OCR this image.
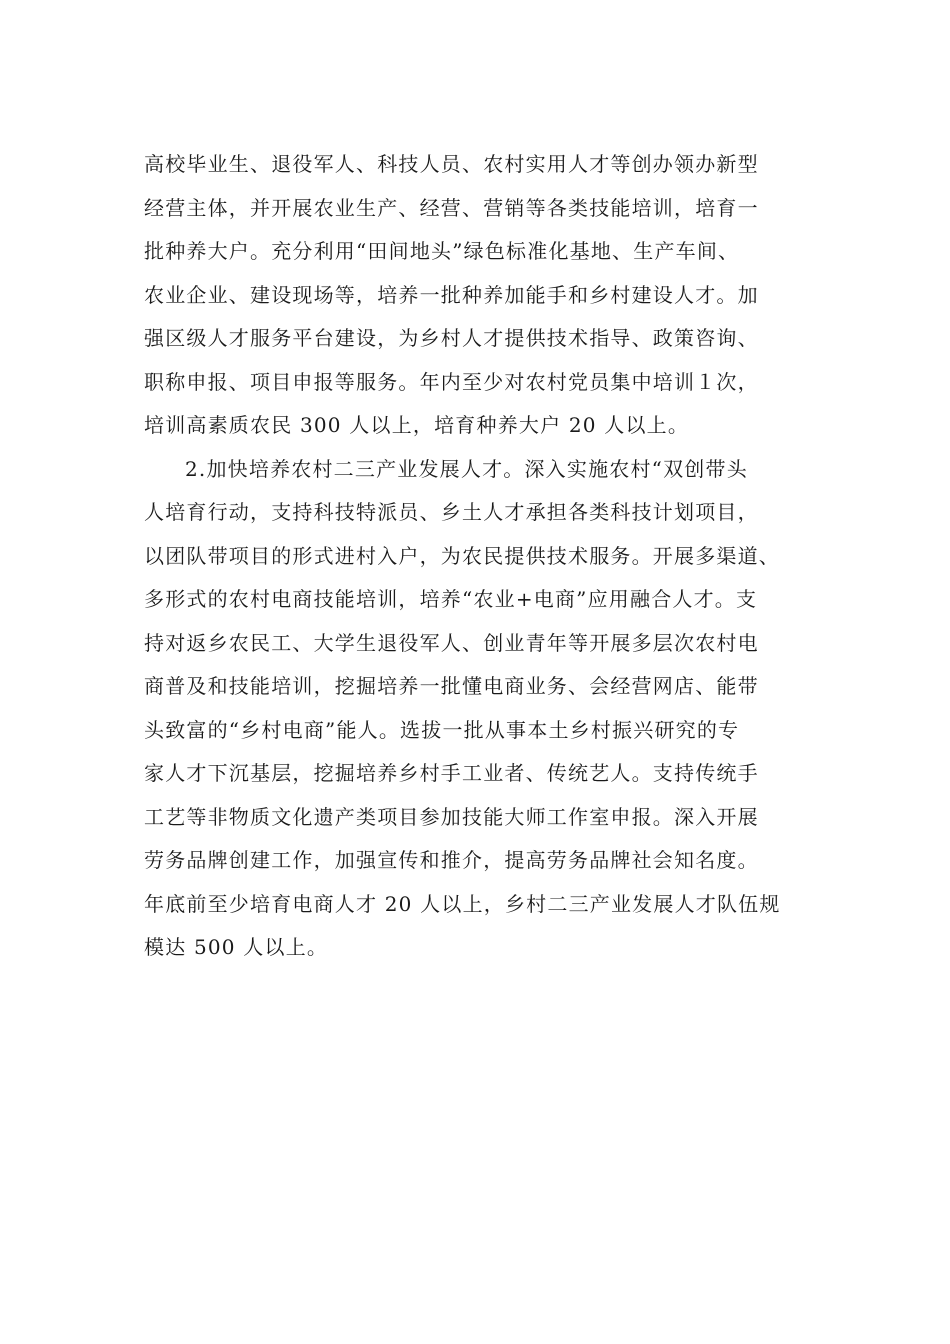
高校毕业生、退役军人、科技人员、农村实用人才等创办领办新型
经营主体，并开展农业生产、经营、营销等各类技能培训，培育一
批种养大户。充分利用“田间地头”绿色标准化基地、生产车间、
农业企业、建设现场等，培养一批种养加能手和乡村建设人才。加
强区级人才服务平台建设，为乡村人才提供技术指导、政策咨询、
职称申报、项目申报等服务。年内至少对农村党员集中培训１次，
培训高素质农民 300 人以上，培育种养大户 20 人以上。
2.加快培养农村二三产业发展人才。深入实施农村“双创带头
人培育行动，支持科技特派员、乡土人才承担各类科技计划项目，
以团队带项目的形式进村入户，为农民提供技术服务。开展多渠道、
多形式的农村电商技能培训，培养“农业+电商”应用融合人才。支
持对返乡农民工、大学生退役军人、创业青年等开展多层次农村电
商普及和技能培训，挖掘培养一批懂电商业务、会经营网店、能带
头致富的“乡村电商”能人。选拔一批从事本土乡村振兴研究的专
家人才下沉基层，挖掘培养乡村手工业者、传统艺人。支持传统手
工艺等非物质文化遗产类项目参加技能大师工作室申报。深入开展
劳务品牌创建工作，加强宣传和推介，提高劳务品牌社会知名度。
年底前至少培育电商人才 20 人以上，乡村二三产业发展人才队伍规
模达 500 人以上。
